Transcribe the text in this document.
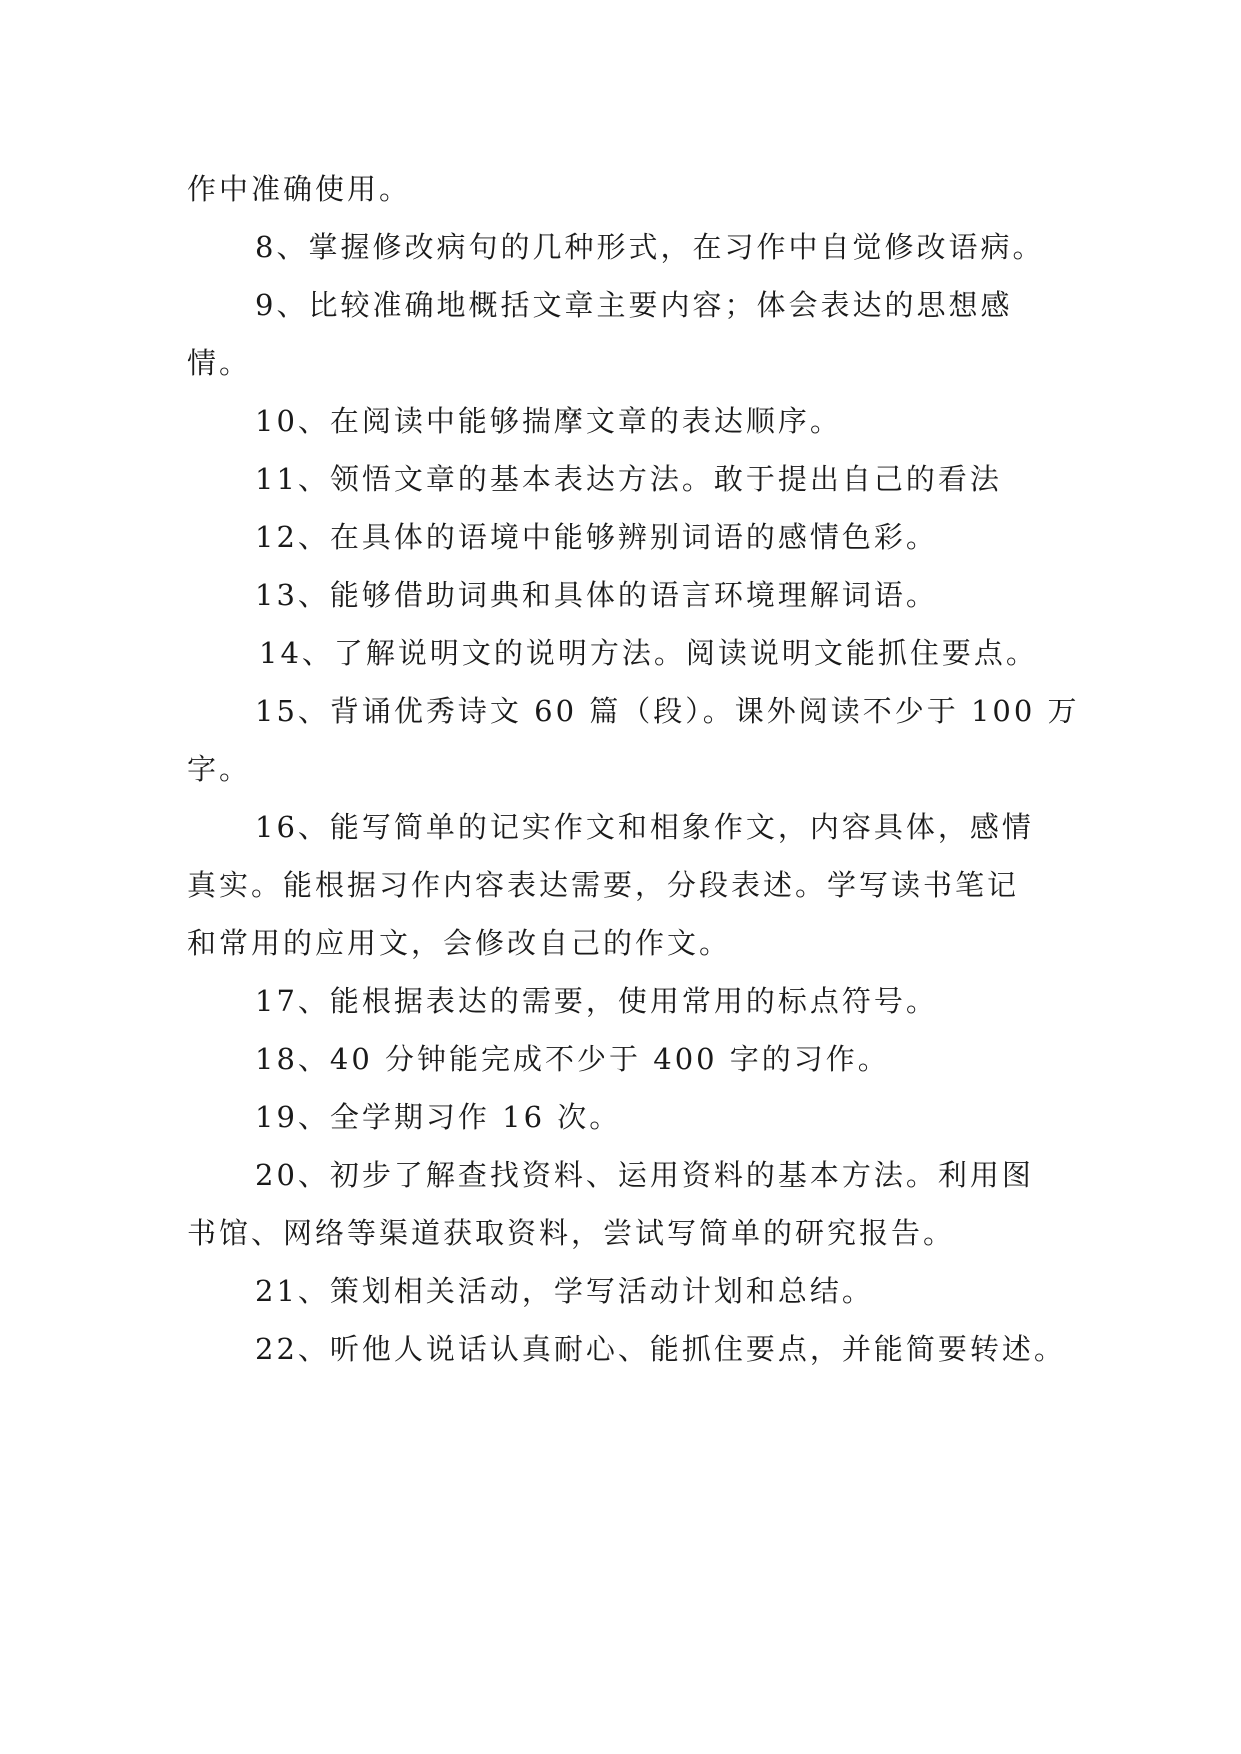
作中准确使用。
8、掌握修改病句的几种形式，在习作中自觉修改语病。
9、比较准确地概括文章主要内容；体会表达的思想感
情。
10、在阅读中能够揣摩文章的表达顺序。
11、领悟文章的基本表达方法。敢于提出自己的看法
12、在具体的语境中能够辨别词语的感情色彩。
13、能够借助词典和具体的语言环境理解词语。
14、了解说明文的说明方法。阅读说明文能抓住要点。
15、背诵优秀诗文 60 篇（段）。课外阅读不少于 100 万
字。
16、能写简单的记实作文和相象作文，内容具体，感情
真实。能根据习作内容表达需要，分段表述。学写读书笔记
和常用的应用文，会修改自己的作文。
17、能根据表达的需要，使用常用的标点符号。
18、40 分钟能完成不少于 400 字的习作。
19、全学期习作 16 次。
20、初步了解查找资料、运用资料的基本方法。利用图
书馆、网络等渠道获取资料，尝试写简单的研究报告。
21、策划相关活动，学写活动计划和总结。
22、听他人说话认真耐心、能抓住要点，并能简要转述。
